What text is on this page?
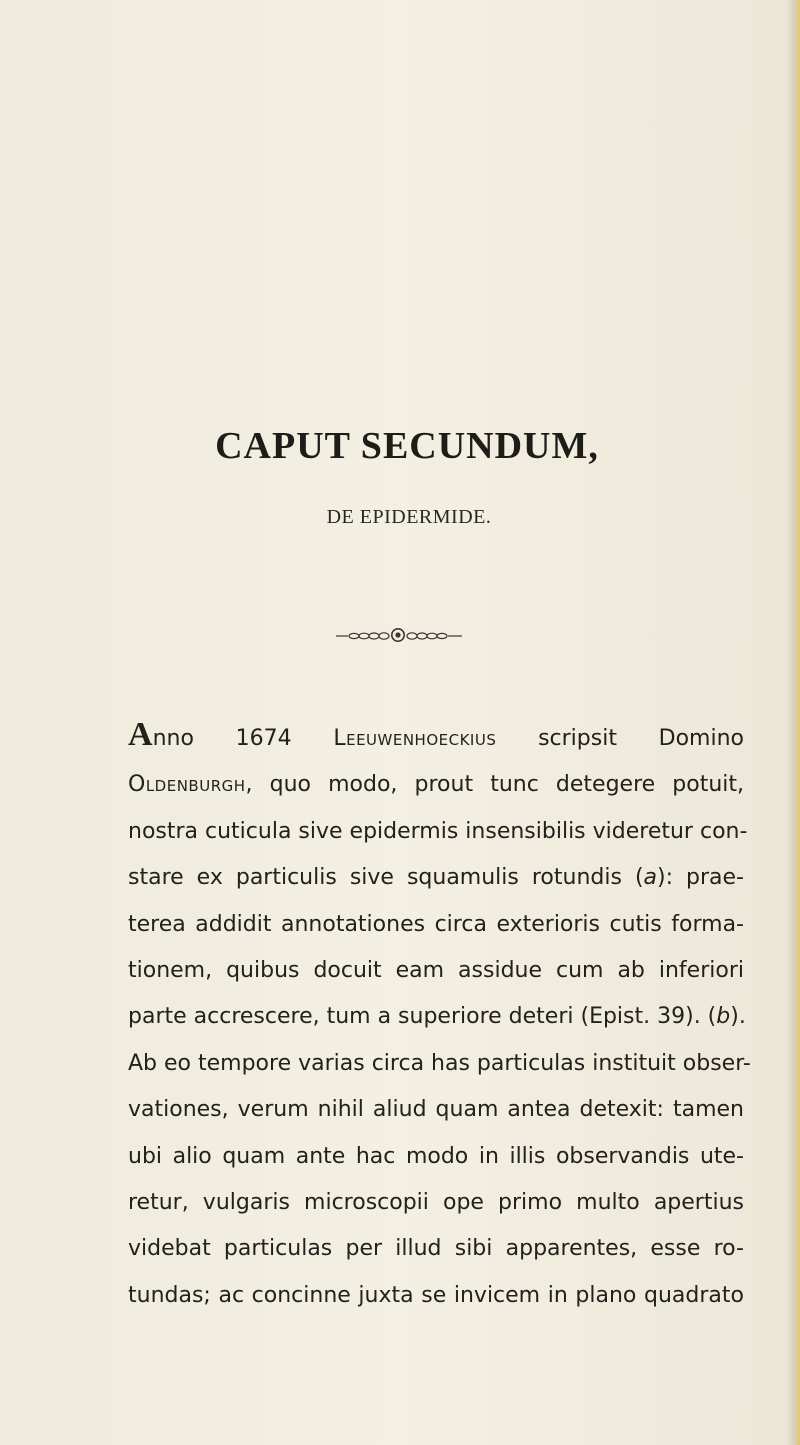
CAPUT SECUNDUM,
DE EPIDERMIDE.
Anno 1674 Leeuwenhoeckius scripsit Domino
Oldenburgh, quo modo, prout tunc detegere potuit,
nostra cuticula sive epidermis insensibilis videretur con-
stare ex particulis sive squamulis rotundis (a): prae-
terea addidit annotationes circa exterioris cutis forma-
tionem, quibus docuit eam assidue cum ab inferiori
parte accrescere, tum a superiore deteri (Epist. 39). (b).
Ab eo tempore varias circa has particulas instituit obser-
vationes, verum nihil aliud quam antea detexit: tamen
ubi alio quam ante hac modo in illis observandis ute-
retur, vulgaris microscopii ope primo multo apertius
videbat particulas per illud sibi apparentes, esse ro-
tundas; ac concinne juxta se invicem in plano quadrato
